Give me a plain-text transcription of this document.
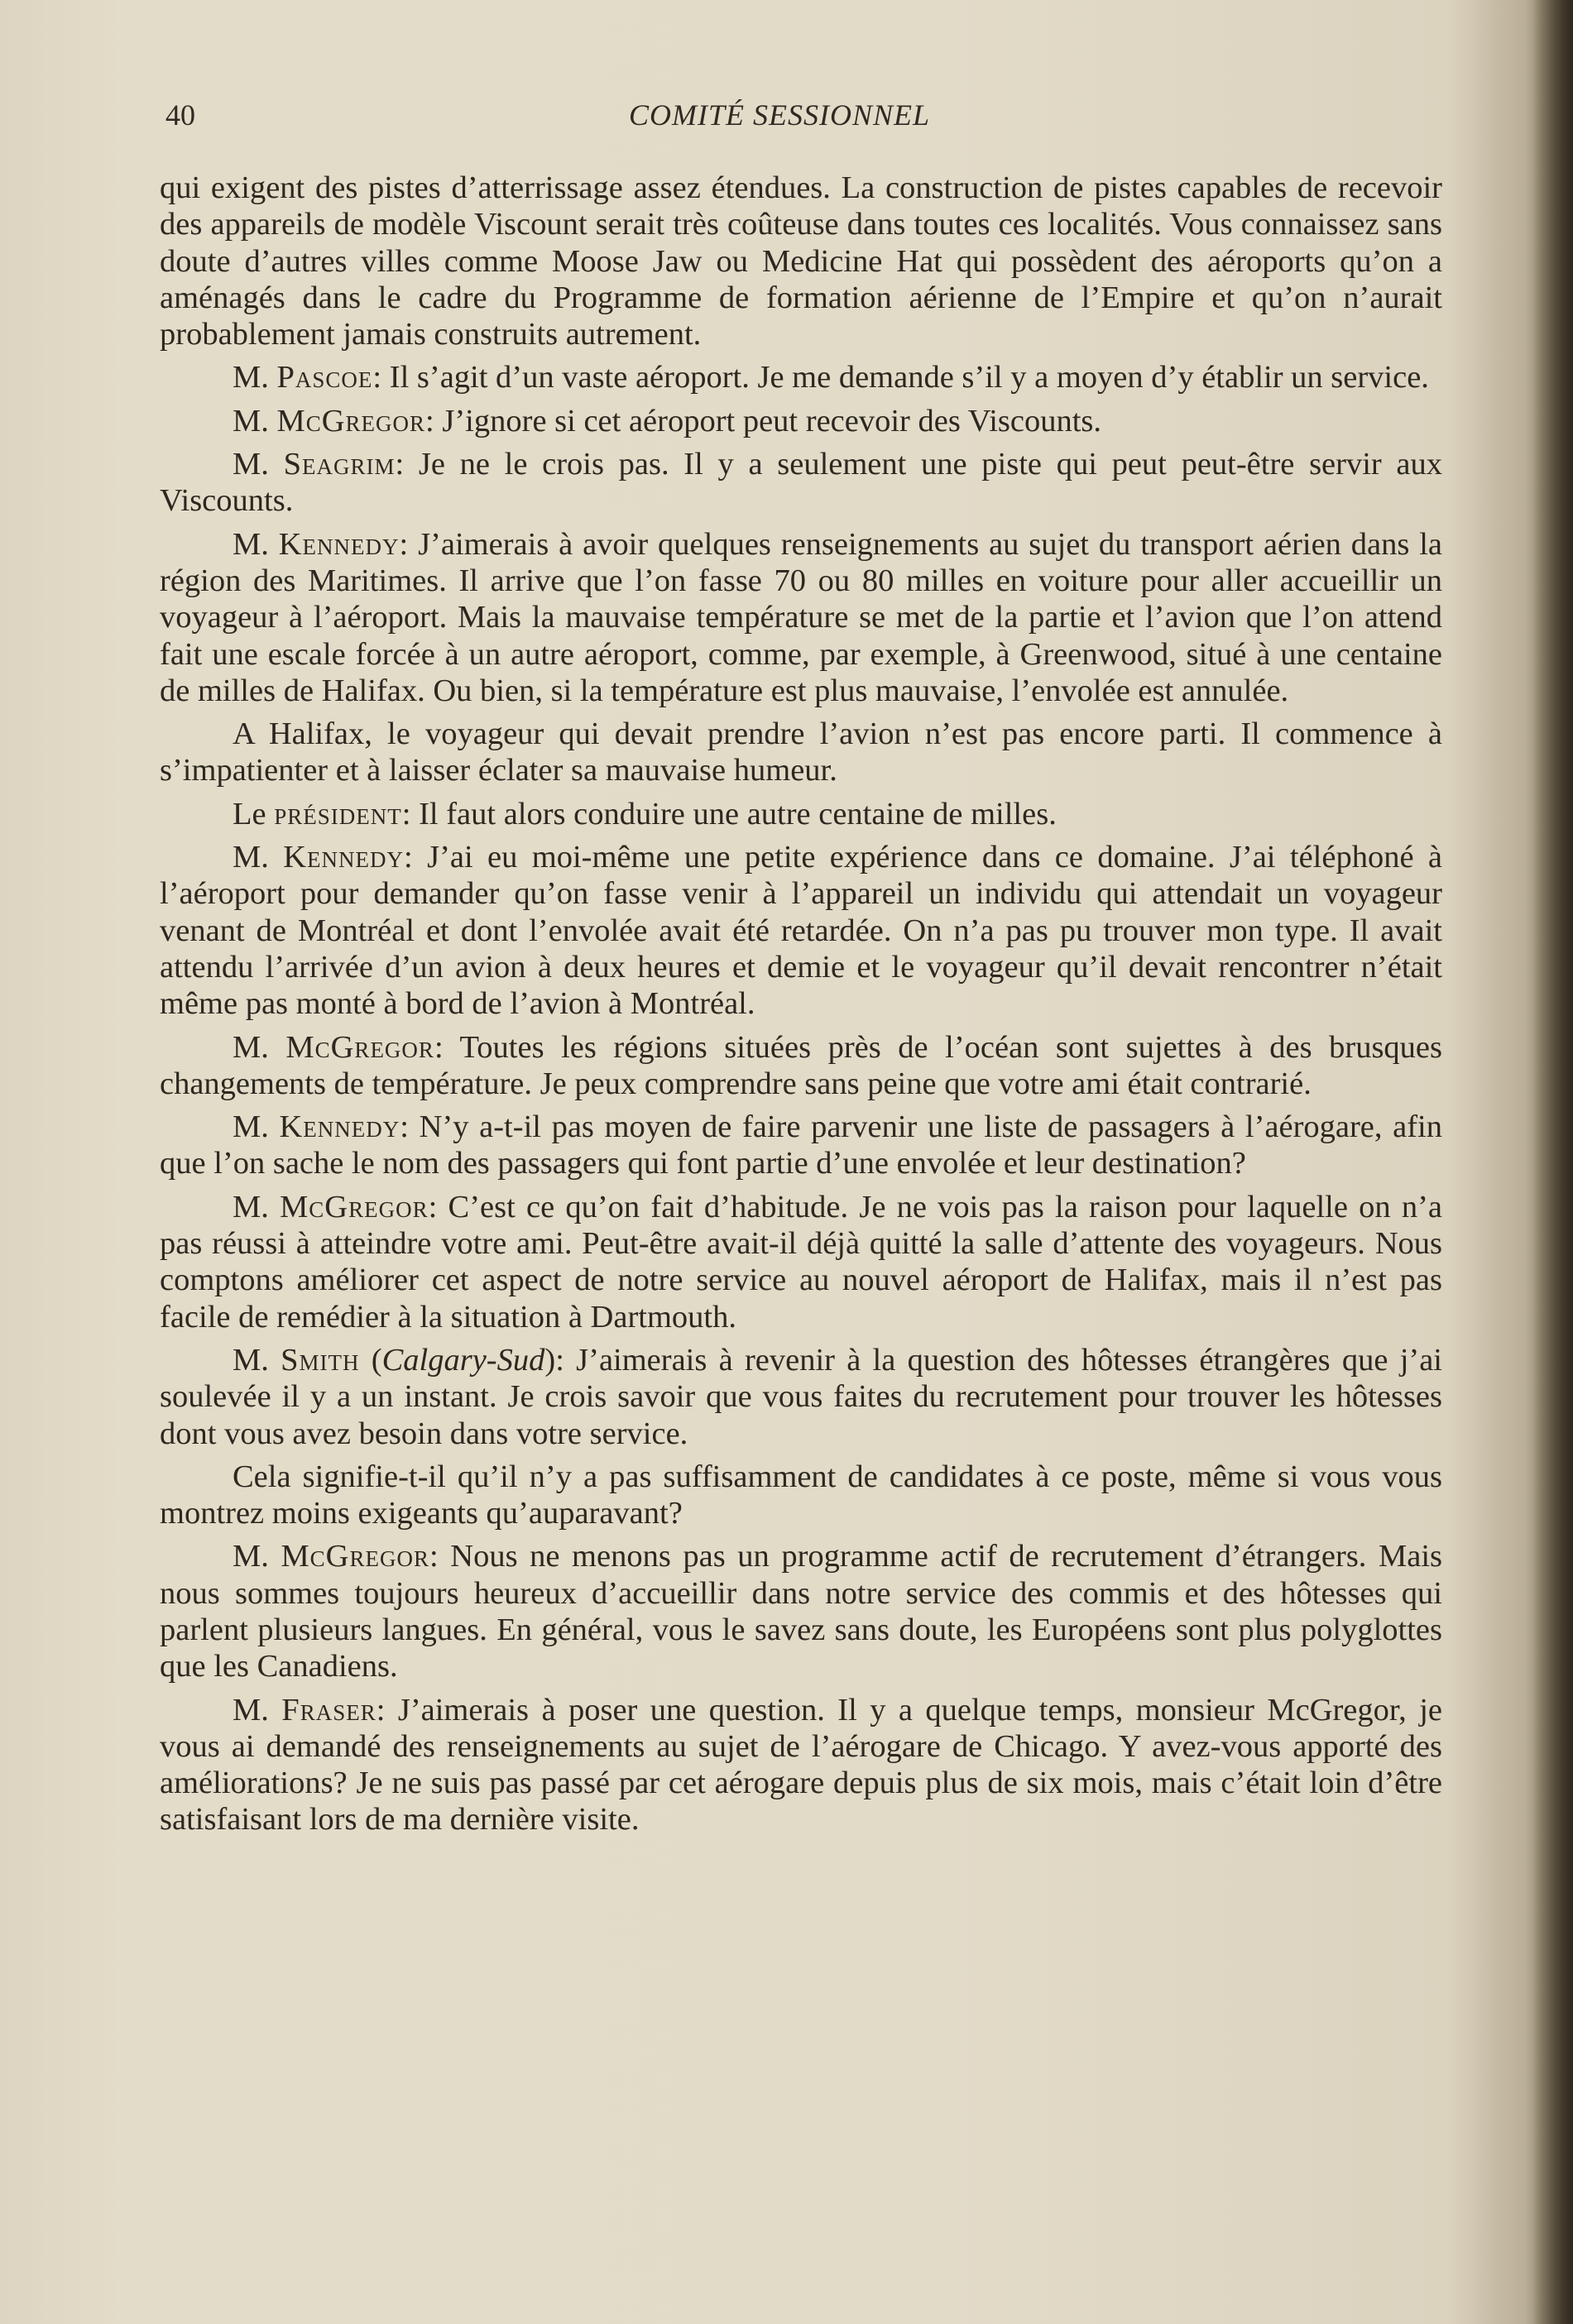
40	COMITÉ SESSIONNEL

qui exigent des pistes d’atterrissage assez étendues. La construction de pistes capables de recevoir des appareils de modèle Viscount serait très coûteuse dans toutes ces localités. Vous connaissez sans doute d’autres villes comme Moose Jaw ou Medicine Hat qui possèdent des aéroports qu’on a aménagés dans le cadre du Programme de formation aérienne de l’Empire et qu’on n’aurait probablement jamais construits autrement.

M. Pascoe: Il s’agit d’un vaste aéroport. Je me demande s’il y a moyen d’y établir un service.

M. McGregor: J’ignore si cet aéroport peut recevoir des Viscounts.

M. Seagrim: Je ne le crois pas. Il y a seulement une piste qui peut peut-être servir aux Viscounts.

M. Kennedy: J’aimerais à avoir quelques renseignements au sujet du transport aérien dans la région des Maritimes. Il arrive que l’on fasse 70 ou 80 milles en voiture pour aller accueillir un voyageur à l’aéroport. Mais la mauvaise température se met de la partie et l’avion que l’on attend fait une escale forcée à un autre aéroport, comme, par exemple, à Greenwood, situé à une centaine de milles de Halifax. Ou bien, si la température est plus mauvaise, l’envolée est annulée.

A Halifax, le voyageur qui devait prendre l’avion n’est pas encore parti. Il commence à s’impatienter et à laisser éclater sa mauvaise humeur.

Le président: Il faut alors conduire une autre centaine de milles.

M. Kennedy: J’ai eu moi-même une petite expérience dans ce domaine. J’ai téléphoné à l’aéroport pour demander qu’on fasse venir à l’appareil un individu qui attendait un voyageur venant de Montréal et dont l’envolée avait été retardée. On n’a pas pu trouver mon type. Il avait attendu l’arrivée d’un avion à deux heures et demie et le voyageur qu’il devait rencontrer n’était même pas monté à bord de l’avion à Montréal.

M. McGregor: Toutes les régions situées près de l’océan sont sujettes à des brusques changements de température. Je peux comprendre sans peine que votre ami était contrarié.

M. Kennedy: N’y a-t-il pas moyen de faire parvenir une liste de passagers à l’aérogare, afin que l’on sache le nom des passagers qui font partie d’une envolée et leur destination?

M. McGregor: C’est ce qu’on fait d’habitude. Je ne vois pas la raison pour laquelle on n’a pas réussi à atteindre votre ami. Peut-être avait-il déjà quitté la salle d’attente des voyageurs. Nous comptons améliorer cet aspect de notre service au nouvel aéroport de Halifax, mais il n’est pas facile de remédier à la situation à Dartmouth.

M. Smith (Calgary-Sud): J’aimerais à revenir à la question des hôtesses étrangères que j’ai soulevée il y a un instant. Je crois savoir que vous faites du recrutement pour trouver les hôtesses dont vous avez besoin dans votre service.

Cela signifie-t-il qu’il n’y a pas suffisamment de candidates à ce poste, même si vous vous montrez moins exigeants qu’auparavant?

M. McGregor: Nous ne menons pas un programme actif de recrutement d’étrangers. Mais nous sommes toujours heureux d’accueillir dans notre service des commis et des hôtesses qui parlent plusieurs langues. En général, vous le savez sans doute, les Européens sont plus polyglottes que les Canadiens.

M. Fraser: J’aimerais à poser une question. Il y a quelque temps, monsieur McGregor, je vous ai demandé des renseignements au sujet de l’aérogare de Chicago. Y avez-vous apporté des améliorations? Je ne suis pas passé par cet aérogare depuis plus de six mois, mais c’était loin d’être satisfaisant lors de ma dernière visite.
